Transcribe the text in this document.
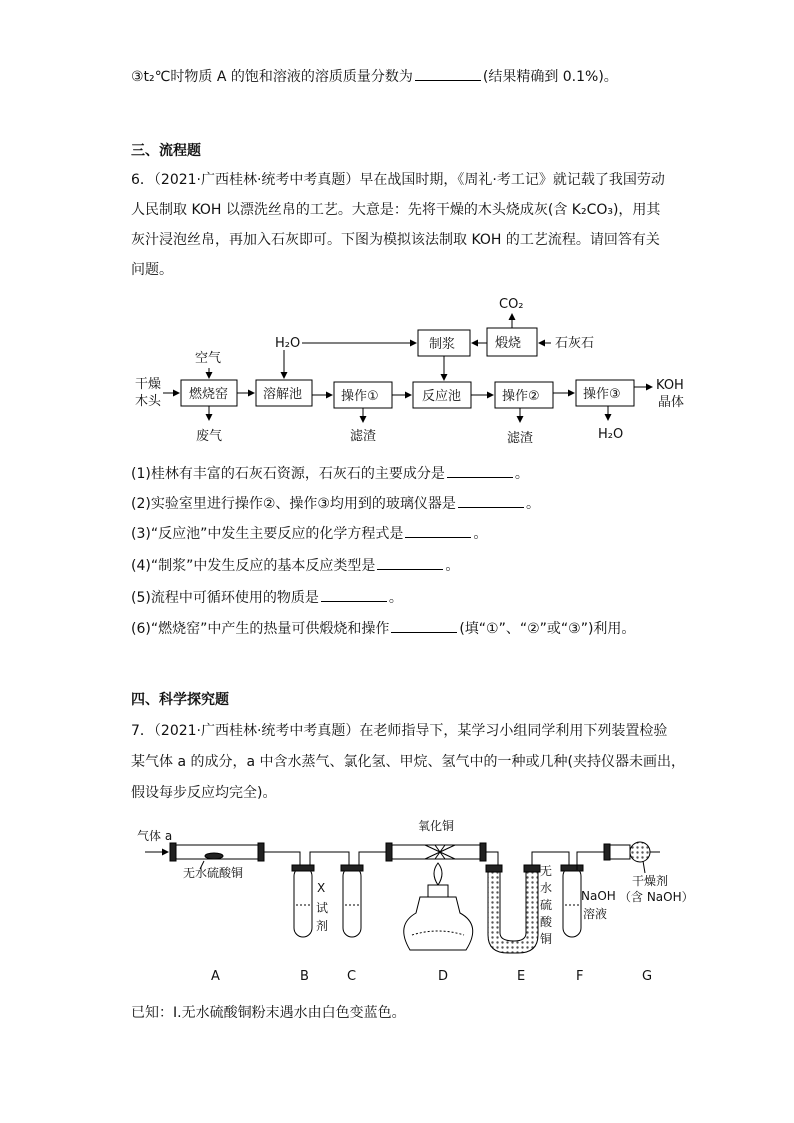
③t₂℃时物质 A 的饱和溶液的溶质质量分数为	(结果精确到 0.1%)。
三、流程题
6．（2021·广西桂林·统考中考真题）早在战国时期，《周礼·考工记》就记载了我国劳动
人民制取 KOH 以漂洗丝帛的工艺。大意是：先将干燥的木头烧成灰(含 K₂CO₃)，用其
灰汁浸泡丝帛，再加入石灰即可。下图为模拟该法制取 KOH 的工艺流程。请回答有关
问题。
CO₂
煅烧
制浆	石灰石
H₂O
空气
干燥
木头 燃烧窑	溶解池	操作①	反应池	操作②	操作③
KOH
晶体
废气	滤渣	滤渣	H₂O
(1)桂林有丰富的石灰石资源，石灰石的主要成分是	。
(2)实验室里进行操作②、操作③均用到的玻璃仪器是	。
(3)“反应池”中发生主要反应的化学方程式是	。
(4)“制浆”中发生反应的基本反应类型是	。
(5)流程中可循环使用的物质是	。
(6)“燃烧窑”中产生的热量可供煅烧和操作	(填“①”、“②”或“③”)利用。
四、科学探究题
7．（2021·广西桂林·统考中考真题）在老师指导下，某学习小组同学利用下列装置检验
某气体 a 的成分，a 中含水蒸气、氯化氢、甲烷、氢气中的一种或几种(夹持仪器未画出，
假设每步反应均完全)。
气体 a
无水硫酸铜
X
试
剂
氧化铜
无
水
硫
酸
铜
NaOH
溶液
干燥剂
（含 NaOH）
A	B	C	D	E	F	G
已知：I.无水硫酸铜粉末遇水由白色变蓝色。
